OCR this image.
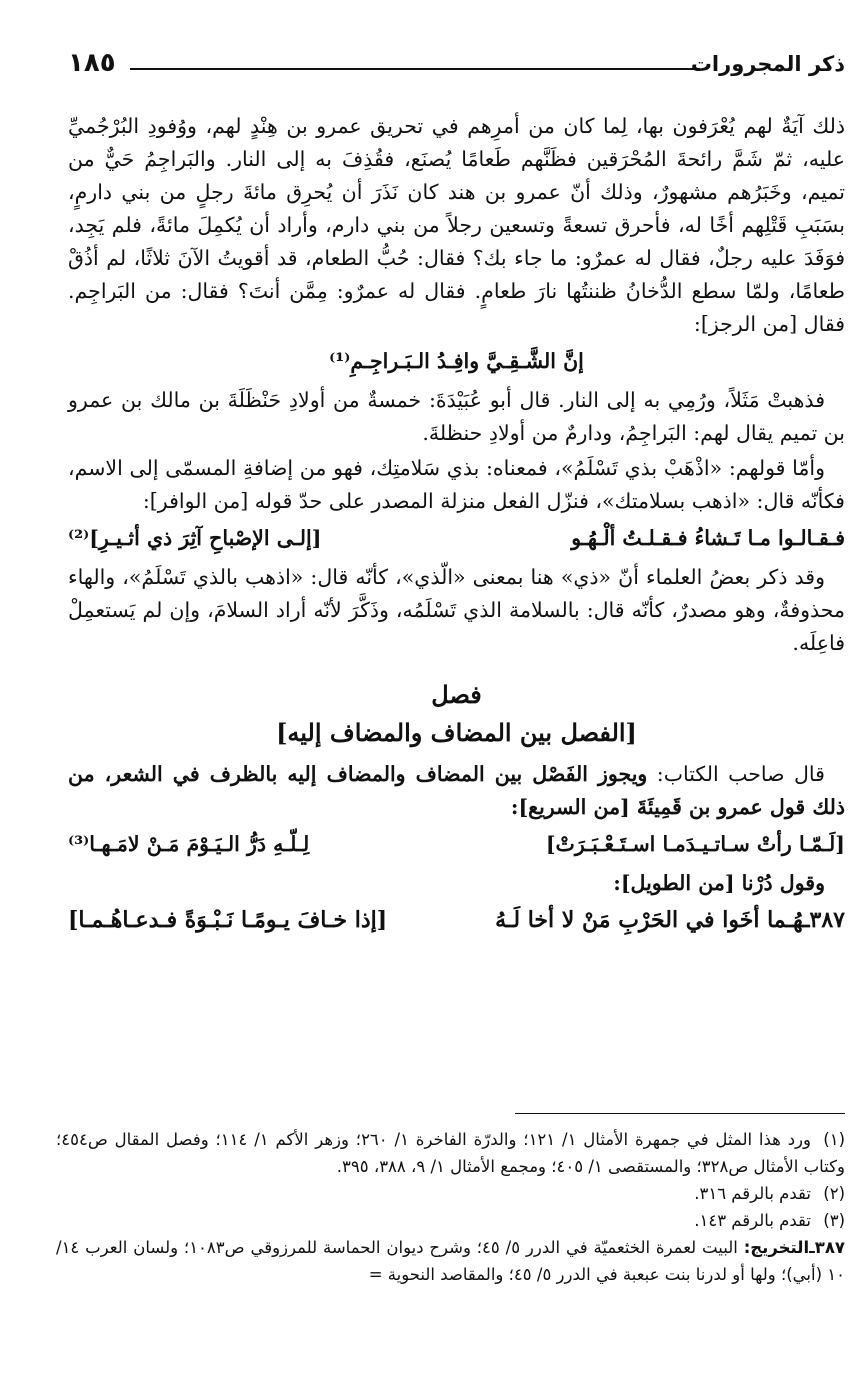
ذكر المجرورات
١٨٥

ذلك آيَةٌ لهم يُعْرَفون بها، لِما كان من أمرِهم في تحريق عمرو بن هِنْدٍ لهم، ووُفودِ البُرْجُميِّ عليه، ثمّ شَمَّ رائحةَ المُحْرَقين فظَنَّهم طَعامًا يُصنَع، فقُذِفَ به إلى النار. والبَراجِمُ حَيٌّ من تميم، وخَبَرُهم مشهورٌ، وذلك أنّ عمرو بن هند كان نَذَرَ أن يُحرِق مائةَ رجلٍ من بني دارمٍ، بسَبَبِ قَتْلِهم أخًا له، فأحرق تسعةً وتسعين رجلاً من بني دارم، وأراد أن يُكمِلَ مائةً، فلم يَجِد، فوَفَدَ عليه رجلٌ، فقال له عمرٌو: ما جاء بك؟ فقال: حُبُّ الطعام، قد أقويتُ الآنَ ثلاثًا، لم أذُقْ طعامًا، ولمّا سطع الدُّخانُ ظننتُها نارَ طعامٍ. فقال له عمرٌو: مِمَّن أنتَ؟ فقال: من البَراجِم. فقال [من الرجز]:

إنَّ الشَّـقِـيَّ وافِـدُ الـبَـراجِـمِ⁽¹⁾

فذهبتْ مَثَلاً، ورُمِي به إلى النار. قال أبو عُبَيْدَةَ: خمسةٌ من أولادِ حَنْظَلَةَ بن مالك بن عمرو بن تميم يقال لهم: البَراجِمُ، ودارمٌ من أولادِ حنظلةَ.

وأمّا قولهم: «اذْهَبْ بذي تَسْلَمُ»، فمعناه: بذي سَلامتِك، فهو من إضافةِ المسمّى إلى الاسم، فكأنّه قال: «اذهب بسلامتك»، فنزّل الفعل منزلة المصدر على حدّ قوله [من الوافر]:

فـقـالـوا مـا تَـشاءُ فـقـلـتُ ألْـهُـو
[إلـى الإصْباحِ آثِرَ ذي أثـيـرِ]⁽²⁾

وقد ذكر بعضُ العلماء أنّ «ذي» هنا بمعنى «الّذي»، كأنّه قال: «اذهب بالذي تَسْلَمُ»، والهاء محذوفةٌ، وهو مصدرٌ، كأنّه قال: بالسلامة الذي تَسْلَمُه، وذَكَّرَ لأنّه أراد السلامَ، وإن لم يَستعمِلْ فاعِلَه.

فصل
[الفصل بين المضاف والمضاف إليه]

قال صاحب الكتاب: ويجوز الفَصْل بين المضاف والمضاف إليه بالظرف في الشعر، من ذلك قول عمرو بن قَمِيئَةَ [من السريع]:

[لَـمّـا رأتْ سـاتـيـدَمـا اسـتَـعْـبَـرَتْ]
لِـلّـهِ دَرُّ الـيَـوْمَ مَـنْ لامَـهـا⁽³⁾

وقول دُرْنا [من الطويل]:

٣٨٧ـهُـما أخَوا في الحَرْبِ مَنْ لا أخا لَـهُ
[إذا خـافَ يـومًـا نَـبْـوَةً فـدعـاهُـمـا]

(١)ورد هذا المثل في جمهرة الأمثال ١/ ١٢١؛ والدرّة الفاخرة ١/ ٢٦٠؛ وزهر الأكم ١/ ١١٤؛ وفصل المقال ص٤٥٤؛ وكتاب الأمثال ص٣٢٨؛ والمستقصى ١/ ٤٠٥؛ ومجمع الأمثال ١/ ٩، ٣٨٨، ٣٩٥.

(٢)تقدم بالرقم ٣١٦.

(٣)تقدم بالرقم ١٤٣.

٣٨٧ـالتخريج: البيت لعمرة الخثعميّة في الدرر ٥/ ٤٥؛ وشرح ديوان الحماسة للمرزوقي ص١٠٨٣؛ ولسان العرب ١٤/ ١٠ (أبي)؛ ولها أو لدرنا بنت عبعبة في الدرر ٥/ ٤٥؛ والمقاصد النحوية =
